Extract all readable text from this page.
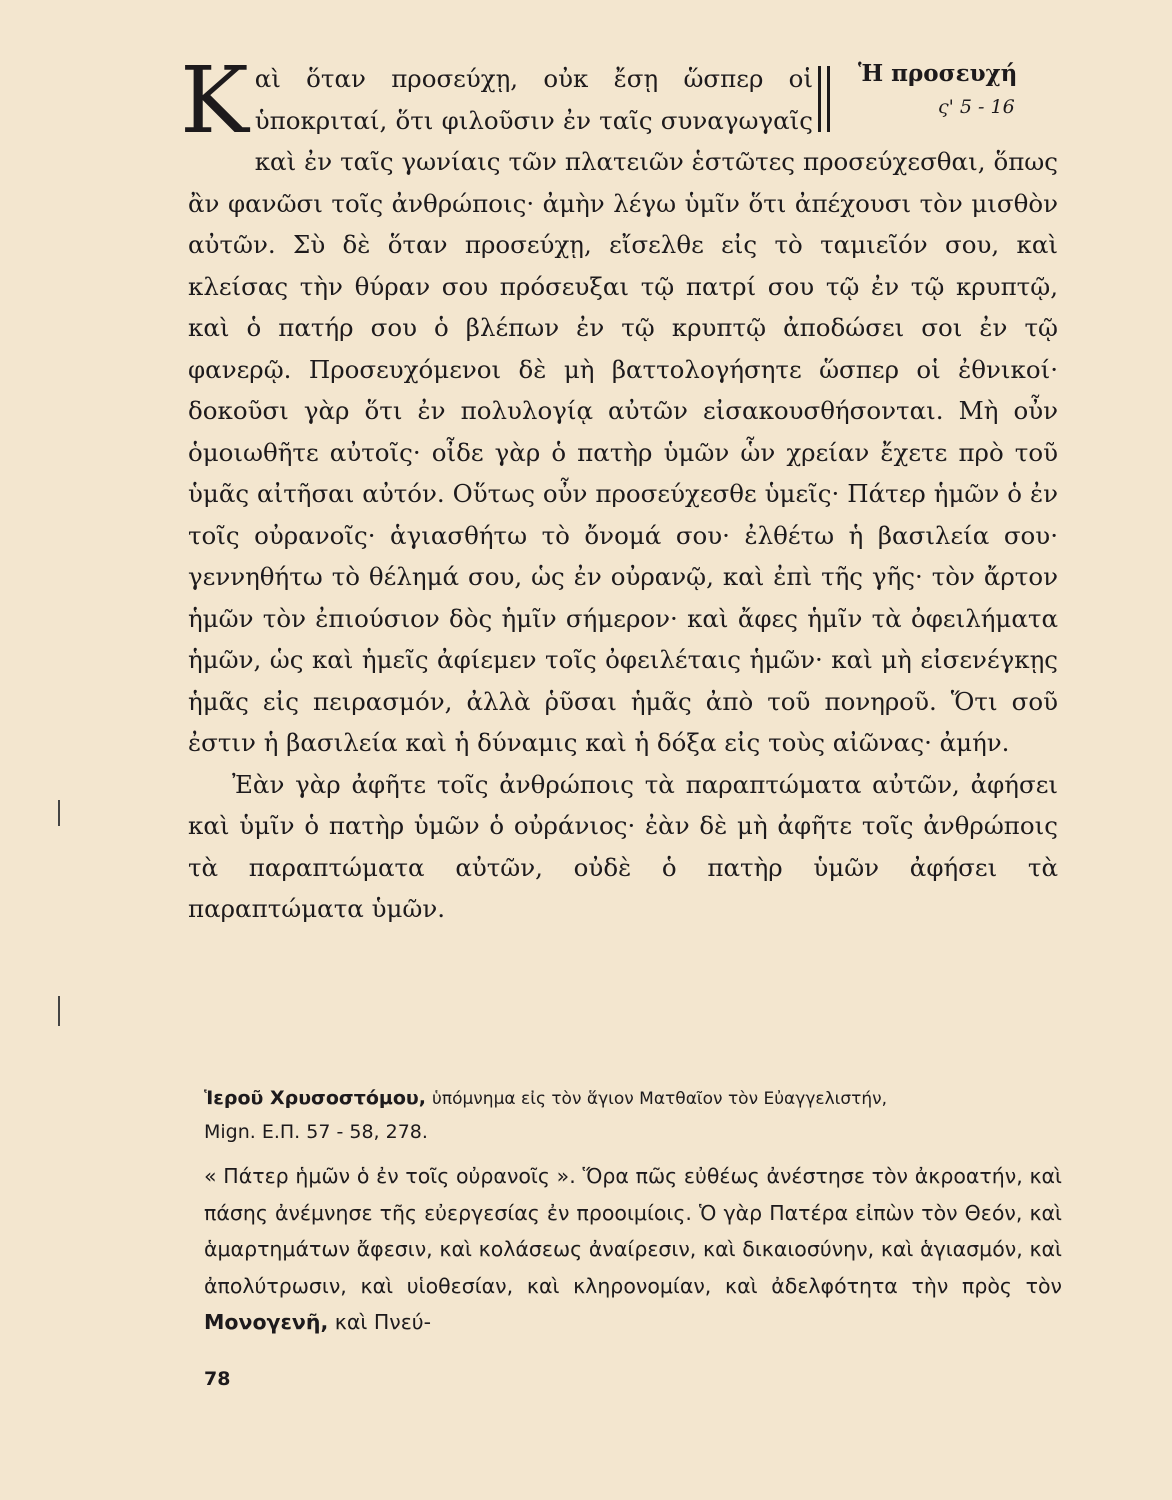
Ἡ προσευχή
ς' 5 - 16
Καὶ ὅταν προσεύχῃ, οὐκ ἔσῃ ὥσπερ οἱ ὑποκριταί, ὅτι φιλοῦσιν ἐν ταῖς συναγωγαῖς καὶ ἐν ταῖς γωνίαις τῶν πλατειῶν ἑστῶτες προσεύχεσθαι, ὅπως ἂν φανῶσι τοῖς ἀνθρώποις· ἀμὴν λέγω ὑμῖν ὅτι ἀπέχουσι τὸν μισθὸν αὐτῶν. Σὺ δὲ ὅταν προσεύχῃ, εἴσελθε εἰς τὸ ταμιεῖόν σου, καὶ κλείσας τὴν θύραν σου πρόσευξαι τῷ πατρί σου τῷ ἐν τῷ κρυπτῷ, καὶ ὁ πατήρ σου ὁ βλέπων ἐν τῷ κρυπτῷ ἀποδώσει σοι ἐν τῷ φανερῷ. Προσευχόμενοι δὲ μὴ βαττολογήσητε ὥσπερ οἱ ἐθνικοί· δοκοῦσι γὰρ ὅτι ἐν πολυλογίᾳ αὐτῶν εἰσακουσθήσονται. Μὴ οὖν ὁμοιωθῆτε αὐτοῖς· οἶδε γὰρ ὁ πατὴρ ὑμῶν ὧν χρείαν ἔχετε πρὸ τοῦ ὑμᾶς αἰτῆσαι αὐτόν. Οὕτως οὖν προσεύχεσθε ὑμεῖς· Πάτερ ἡμῶν ὁ ἐν τοῖς οὐρανοῖς· ἁγιασθήτω τὸ ὄνομά σου· ἐλθέτω ἡ βασιλεία σου· γεννηθήτω τὸ θέλημά σου, ὡς ἐν οὐρανῷ, καὶ ἐπὶ τῆς γῆς· τὸν ἄρτον ἡμῶν τὸν ἐπιούσιον δὸς ἡμῖν σήμερον· καὶ ἄφες ἡμῖν τὰ ὀφειλήματα ἡμῶν, ὡς καὶ ἡμεῖς ἀφίεμεν τοῖς ὀφειλέταις ἡμῶν· καὶ μὴ εἰσενέγκῃς ἡμᾶς εἰς πειρασμόν, ἀλλὰ ῥῦσαι ἡμᾶς ἀπὸ τοῦ πονηροῦ. Ὅτι σοῦ ἐστιν ἡ βασιλεία καὶ ἡ δύναμις καὶ ἡ δόξα εἰς τοὺς αἰῶνας· ἀμήν.
Ἐὰν γὰρ ἀφῆτε τοῖς ἀνθρώποις τὰ παραπτώματα αὐτῶν, ἀφήσει καὶ ὑμῖν ὁ πατὴρ ὑμῶν ὁ οὐράνιος· ἐὰν δὲ μὴ ἀφῆτε τοῖς ἀνθρώποις τὰ παραπτώματα αὐτῶν, οὐδὲ ὁ πατὴρ ὑμῶν ἀφήσει τὰ παραπτώματα ὑμῶν.
Ἱεροῦ Χρυσοστόμου, ὑπόμνημα εἰς τὸν ἅγιον Ματθαῖον τὸν Εὐαγγελιστήν,
Mign. Ε.Π. 57 - 58, 278.
« Πάτερ ἡμῶν ὁ ἐν τοῖς οὐρανοῖς ». Ὅρα πῶς εὐθέως ἀνέστησε τὸν ἀκροατήν, καὶ πάσης ἀνέμνησε τῆς εὐεργεσίας ἐν προοιμίοις. Ὁ γὰρ Πατέρα εἰπὼν τὸν Θεόν, καὶ ἁμαρτημάτων ἄφεσιν, καὶ κολάσεως ἀναίρεσιν, καὶ δικαιοσύνην, καὶ ἁγιασμόν, καὶ ἀπολύτρωσιν, καὶ υἱοθεσίαν, καὶ κληρονομίαν, καὶ ἀδελφότητα τὴν πρὸς τὸν Μονογενῆ, καὶ Πνεύ-
78
